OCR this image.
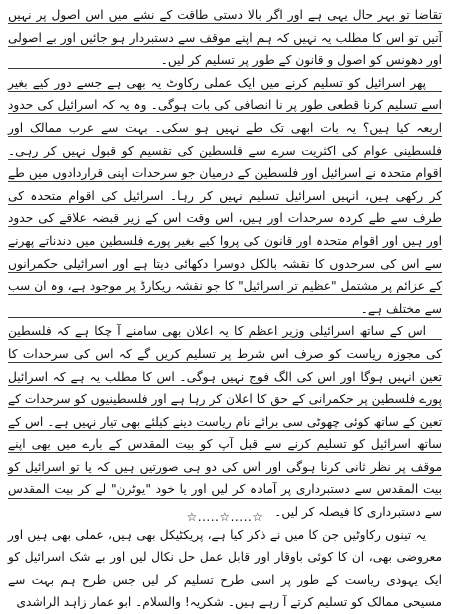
تقاضا تو بہر حال یہی ہے اور اگر بالا دستی طاقت کے نشے میں اس اصول پر نہیں آتیں تو اس کا مطلب یہ نہیں کہ ہم اپنے موقف سے دستبردار ہو جائیں اور بے اصولی اور دھونس کو اصول و قانون کے طور پر تسلیم کر لیں۔

پھر اسرائیل کو تسلیم کرنے میں ایک عملی رکاوٹ یہ بھی ہے جسے دور کیے بغیر اسے تسلیم کرنا قطعی طور پر نا انصافی کی بات ہوگی۔ وہ یہ کہ اسرائیل کی حدود اربعہ کیا ہیں؟ یہ بات ابھی تک طے نہیں ہو سکی۔ بہت سے عرب ممالک اور فلسطینی عوام کی اکثریت سرے سے فلسطین کی تقسیم کو قبول نہیں کر رہی۔ اقوام متحدہ نے اسرائیل اور فلسطین کے درمیان جو سرحدات اپنی قراردادوں میں طے کر رکھی ہیں، انہیں اسرائیل تسلیم نہیں کر رہا۔ اسرائیل کی اقوام متحدہ کی طرف سے طے کردہ سرحدات اور ہیں، اس وقت اس کے زیر قبضہ علاقے کی حدود اور ہیں اور اقوام متحدہ اور قانون کی پروا کیے بغیر پورے فلسطین میں دندناتے پھرنے سے اس کی سرحدوں کا نقشہ بالکل دوسرا دکھائی دیتا ہے اور اسرائیلی حکمرانوں کے عزائم پر مشتمل "عظیم تر اسرائیل" کا جو نقشہ ریکارڈ پر موجود ہے، وہ ان سب سے مختلف ہے۔

اس کے ساتھ اسرائیلی وزیر اعظم کا یہ اعلان بھی سامنے آ چکا ہے کہ فلسطین کی مجوزہ ریاست کو صرف اس شرط پر تسلیم کریں گے کہ اس کی سرحدات کا تعین انہیں ہوگا اور اس کی الگ فوج نہیں ہوگی۔ اس کا مطلب یہ ہے کہ اسرائیل پورے فلسطین پر حکمرانی کے حق کا اعلان کر رہا ہے اور فلسطینیوں کو سرحدات کے تعین کے ساتھ کوئی چھوٹی سی برائے نام ریاست دینے کیلئے بھی تیار نہیں ہے۔ اس کے ساتھ اسرائیل کو تسلیم کرنے سے قبل آپ کو بیت المقدس کے بارے میں بھی اپنے موقف پر نظر ثانی کرنا ہوگی اور اس کی دو ہی صورتیں ہیں کہ یا تو اسرائیل کو بیت المقدس سے دستبرداری پر آمادہ کر لیں اور یا خود "یوٹرن" لے کر بیت المقدس سے دستبرداری کا فیصلہ کر لیں۔

یہ تینوں رکاوٹیں جن کا میں نے ذکر کیا ہے، پریکٹیکل بھی ہیں، عملی بھی ہیں اور معروضی بھی، ان کا کوئی باوقار اور قابل عمل حل نکال لیں اور بے شک اسرائیل کو ایک یہودی ریاست کے طور پر اسی طرح تسلیم کر لیں جس طرح ہم بہت سے مسیحی ممالک کو تسلیم کرتے آ رہے ہیں۔ شکریہ! والسلام۔ ابو عمار زاہد الراشدی

☆.....☆.....☆
